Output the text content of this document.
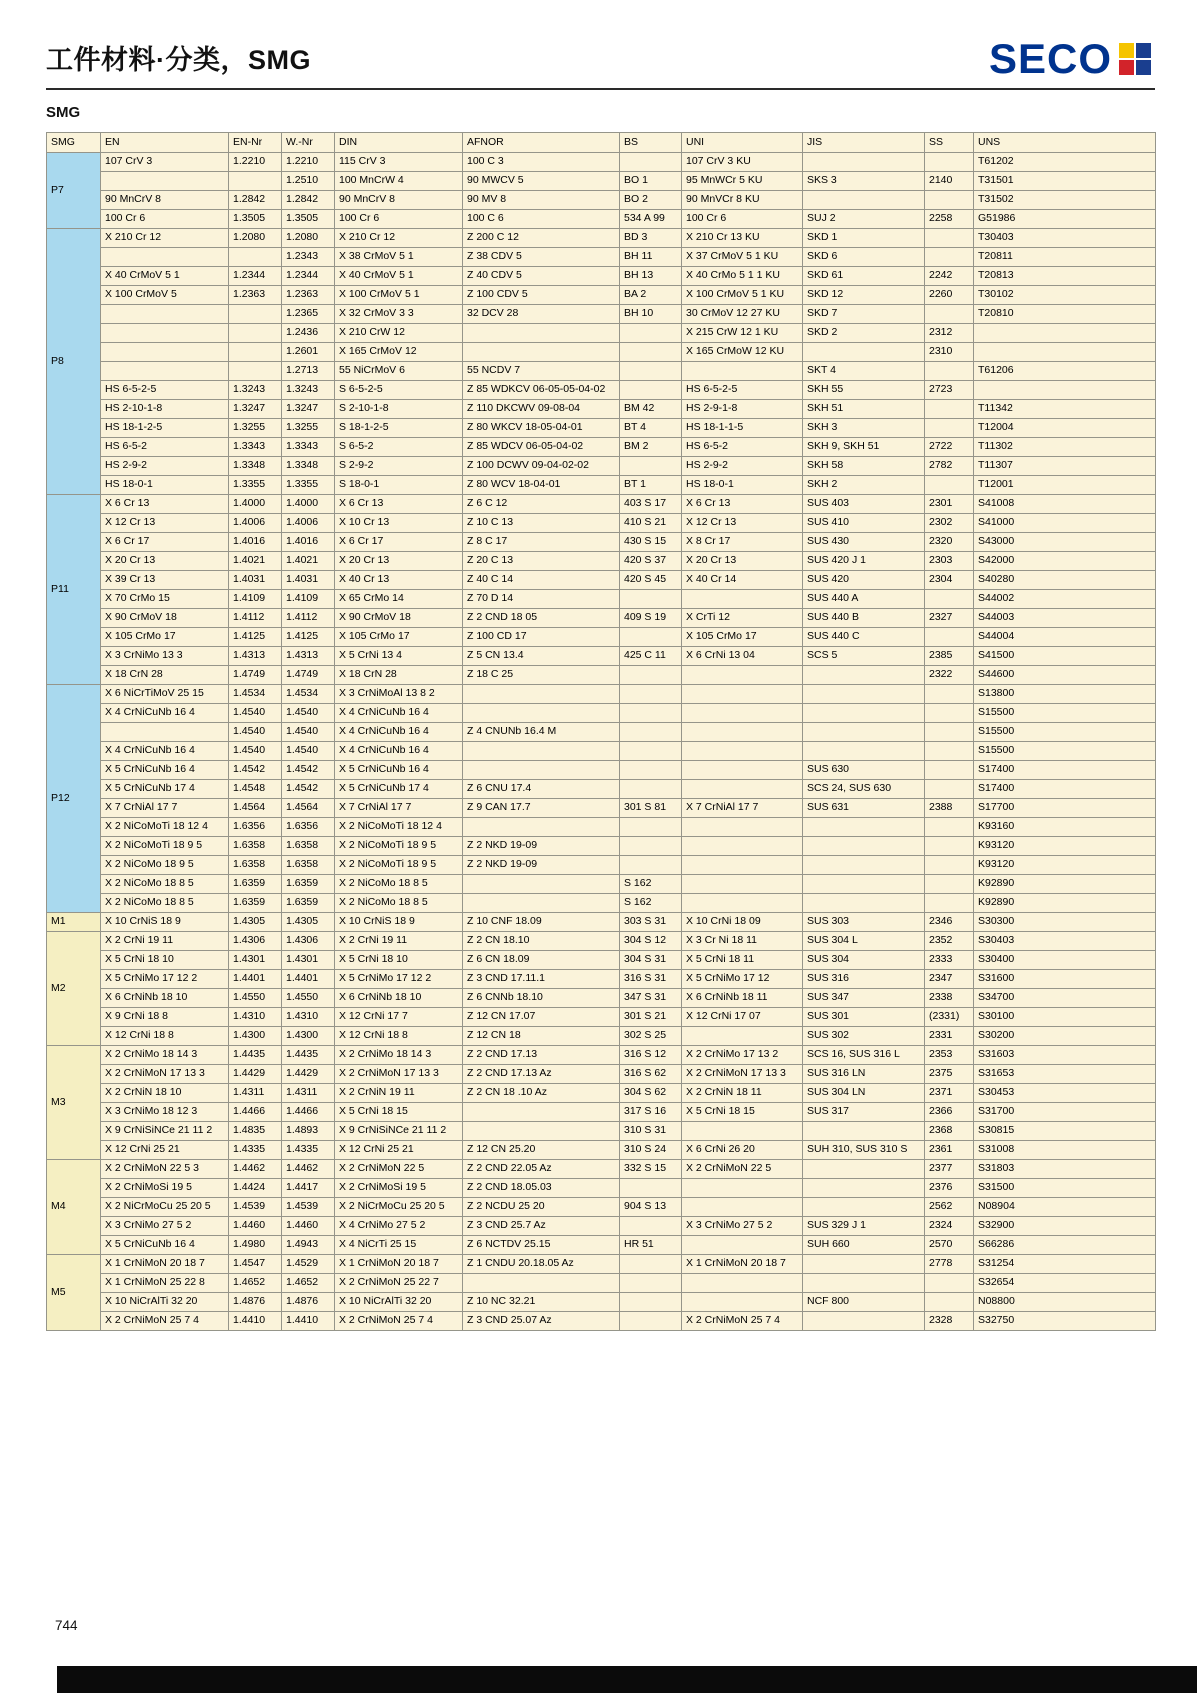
工件材料·分类，SMG	SECO
SMG
SMG	EN	EN-Nr	W.-Nr	DIN	AFNOR	BS	UNI	JIS	SS	UNS
P7	107 CrV 3	1.2210	1.2210	115 CrV 3	100 C 3		107 CrV 3 KU			T61202
			1.2510	100 MnCrW 4	90 MWCV 5	BO 1	95 MnWCr 5 KU	SKS 3	2140	T31501
	90 MnCrV 8	1.2842	1.2842	90 MnCrV 8	90 MV 8	BO 2	90 MnVCr 8 KU			T31502
	100 Cr 6	1.3505	1.3505	100 Cr 6	100 C 6	534 A 99	100 Cr 6	SUJ 2	2258	G51986
P8	X 210 Cr 12	1.2080	1.2080	X 210 Cr 12	Z 200 C 12	BD 3	X 210 Cr 13 KU	SKD 1		T30403
			1.2343	X 38 CrMoV 5 1	Z 38 CDV 5	BH 11	X 37 CrMoV 5 1 KU	SKD 6		T20811
	X 40 CrMoV 5 1	1.2344	1.2344	X 40 CrMoV 5 1	Z 40 CDV 5	BH 13	X 40 CrMo 5 1 1 KU	SKD 61	2242	T20813
	X 100 CrMoV 5	1.2363	1.2363	X 100 CrMoV 5 1	Z 100 CDV 5	BA 2	X 100 CrMoV 5 1 KU	SKD 12	2260	T30102
			1.2365	X 32 CrMoV 3 3	32 DCV 28	BH 10	30 CrMoV 12 27 KU	SKD 7		T20810
			1.2436	X 210 CrW 12			X 215 CrW 12 1 KU	SKD 2	2312	
			1.2601	X 165 CrMoV 12			X 165 CrMoW 12 KU		2310	
			1.2713	55 NiCrMoV 6	55 NCDV 7			SKT 4		T61206
	HS 6-5-2-5	1.3243	1.3243	S 6-5-2-5	Z 85 WDKCV 06-05-05-04-02		HS 6-5-2-5	SKH 55	2723	
	HS 2-10-1-8	1.3247	1.3247	S 2-10-1-8	Z 110 DKCWV 09-08-04	BM 42	HS 2-9-1-8	SKH 51		T11342
	HS 18-1-2-5	1.3255	1.3255	S 18-1-2-5	Z 80 WKCV 18-05-04-01	BT 4	HS 18-1-1-5	SKH 3		T12004
	HS 6-5-2	1.3343	1.3343	S 6-5-2	Z 85 WDCV 06-05-04-02	BM 2	HS 6-5-2	SKH 9, SKH 51	2722	T11302
	HS 2-9-2	1.3348	1.3348	S 2-9-2	Z 100 DCWV 09-04-02-02		HS 2-9-2	SKH 58	2782	T11307
	HS 18-0-1	1.3355	1.3355	S 18-0-1	Z 80 WCV 18-04-01	BT 1	HS 18-0-1	SKH 2		T12001
P11	X 6 Cr 13	1.4000	1.4000	X 6 Cr 13	Z 6 C 12	403 S 17	X 6 Cr 13	SUS 403	2301	S41008
	X 12 Cr 13	1.4006	1.4006	X 10 Cr 13	Z 10 C 13	410 S 21	X 12 Cr 13	SUS 410	2302	S41000
	X 6 Cr 17	1.4016	1.4016	X 6 Cr 17	Z 8 C 17	430 S 15	X 8 Cr 17	SUS 430	2320	S43000
	X 20 Cr 13	1.4021	1.4021	X 20 Cr 13	Z 20 C 13	420 S 37	X 20 Cr 13	SUS 420 J 1	2303	S42000
	X 39 Cr 13	1.4031	1.4031	X 40 Cr 13	Z 40 C 14	420 S 45	X 40 Cr 14	SUS 420	2304	S40280
	X 70 CrMo 15	1.4109	1.4109	X 65 CrMo 14	Z 70 D 14			SUS 440 A		S44002
	X 90 CrMoV 18	1.4112	1.4112	X 90 CrMoV 18	Z 2 CND 18 05	409 S 19	X CrTi 12	SUS 440 B	2327	S44003
	X 105 CrMo 17	1.4125	1.4125	X 105 CrMo 17	Z 100 CD 17		X 105 CrMo 17	SUS 440 C		S44004
	X 3 CrNiMo 13 3	1.4313	1.4313	X 5 CrNi 13 4	Z 5 CN 13.4	425 C 11	X 6 CrNi 13 04	SCS 5	2385	S41500
	X 18 CrN 28	1.4749	1.4749	X 18 CrN 28	Z 18 C 25				2322	S44600
P12	X 6 NiCrTiMoV 25 15	1.4534	1.4534	X 3 CrNiMoAl 13 8 2						S13800
	X 4 CrNiCuNb 16 4	1.4540	1.4540	X 4 CrNiCuNb 16 4						S15500
		1.4540	1.4540	X 4 CrNiCuNb 16 4	Z 4 CNUNb 16.4 M					S15500
	X 4 CrNiCuNb 16 4	1.4540	1.4540	X 4 CrNiCuNb 16 4						S15500
	X 5 CrNiCuNb 16 4	1.4542	1.4542	X 5 CrNiCuNb 16 4				SUS 630		S17400
	X 5 CrNiCuNb 17 4	1.4548	1.4542	X 5 CrNiCuNb 17 4	Z 6 CNU 17.4			SCS 24, SUS 630		S17400
	X 7 CrNiAl 17 7	1.4564	1.4564	X 7 CrNiAl 17 7	Z 9 CAN 17.7	301 S 81	X 7 CrNiAl 17 7	SUS 631	2388	S17700
	X 2 NiCoMoTi 18 12 4	1.6356	1.6356	X 2 NiCoMoTi 18 12 4						K93160
	X 2 NiCoMoTi 18 9 5	1.6358	1.6358	X 2 NiCoMoTi 18 9 5	Z 2 NKD 19-09					K93120
	X 2 NiCoMo 18 9 5	1.6358	1.6358	X 2 NiCoMoTi 18 9 5	Z 2 NKD 19-09					K93120
	X 2 NiCoMo 18 8 5	1.6359	1.6359	X 2 NiCoMo 18 8 5		S 162				K92890
	X 2 NiCoMo 18 8 5	1.6359	1.6359	X 2 NiCoMo 18 8 5		S 162				K92890
M1	X 10 CrNiS 18 9	1.4305	1.4305	X 10 CrNiS 18 9	Z 10 CNF 18.09	303 S 31	X 10 CrNi 18 09	SUS 303	2346	S30300
M2	X 2 CrNi 19 11	1.4306	1.4306	X 2 CrNi 19 11	Z 2 CN 18.10	304 S 12	X 3 Cr Ni 18 11	SUS 304 L	2352	S30403
	X 5 CrNi 18 10	1.4301	1.4301	X 5 CrNi 18 10	Z 6 CN 18.09	304 S 31	X 5 CrNi 18 11	SUS 304	2333	S30400
	X 5 CrNiMo 17 12 2	1.4401	1.4401	X 5 CrNiMo 17 12 2	Z 3 CND 17.11.1	316 S 31	X 5 CrNiMo 17 12	SUS 316	2347	S31600
	X 6 CrNiNb 18 10	1.4550	1.4550	X 6 CrNiNb 18 10	Z 6 CNNb 18.10	347 S 31	X 6 CrNiNb 18 11	SUS 347	2338	S34700
	X 9 CrNi 18 8	1.4310	1.4310	X 12 CrNi 17 7	Z 12 CN 17.07	301 S 21	X 12 CrNi 17 07	SUS 301	(2331)	S30100
	X 12 CrNi 18 8	1.4300	1.4300	X 12 CrNi 18 8	Z 12 CN 18	302 S 25		SUS 302	2331	S30200
M3	X 2 CrNiMo 18 14 3	1.4435	1.4435	X 2 CrNiMo 18 14 3	Z 2 CND 17.13	316 S 12	X 2 CrNiMo 17 13 2	SCS 16, SUS 316 L	2353	S31603
	X 2 CrNiMoN 17 13 3	1.4429	1.4429	X 2 CrNiMoN 17 13 3	Z 2 CND 17.13 Az	316 S 62	X 2 CrNiMoN 17 13 3	SUS 316 LN	2375	S31653
	X 2 CrNiN 18 10	1.4311	1.4311	X 2 CrNiN 19 11	Z 2 CN 18 .10 Az	304 S 62	X 2 CrNiN 18 11	SUS 304 LN	2371	S30453
	X 3 CrNiMo 18 12 3	1.4466	1.4466	X 5 CrNi 18 15		317 S 16	X 5 CrNi 18 15	SUS 317	2366	S31700
	X 9 CrNiSiNCe 21 11 2	1.4835	1.4893	X 9 CrNiSiNCe 21 11 2		310 S 31			2368	S30815
	X 12 CrNi 25 21	1.4335	1.4335	X 12 CrNi 25 21	Z 12 CN 25.20	310 S 24	X 6 CrNi 26 20	SUH 310, SUS 310 S	2361	S31008
M4	X 2 CrNiMoN 22 5 3	1.4462	1.4462	X 2 CrNiMoN 22 5	Z 2 CND 22.05 Az	332 S 15	X 2 CrNiMoN 22 5		2377	S31803
	X 2 CrNiMoSi 19 5	1.4424	1.4417	X 2 CrNiMoSi 19 5	Z 2 CND 18.05.03				2376	S31500
	X 2 NiCrMoCu 25 20 5	1.4539	1.4539	X 2 NiCrMoCu 25 20 5	Z 2 NCDU 25 20	904 S 13			2562	N08904
	X 3 CrNiMo 27 5 2	1.4460	1.4460	X 4 CrNiMo 27 5 2	Z 3 CND 25.7 Az		X 3 CrNiMo 27 5 2	SUS 329 J 1	2324	S32900
	X 5 CrNiCuNb 16 4	1.4980	1.4943	X 4 NiCrTi 25 15	Z 6 NCTDV 25.15	HR 51		SUH 660	2570	S66286
M5	X 1 CrNiMoN 20 18 7	1.4547	1.4529	X 1 CrNiMoN 20 18 7	Z 1 CNDU 20.18.05 Az		X 1 CrNiMoN 20 18 7		2778	S31254
	X 1 CrNiMoN 25 22 8	1.4652	1.4652	X 2 CrNiMoN 25 22 7						S32654
	X 10 NiCrAlTi 32 20	1.4876	1.4876	X 10 NiCrAlTi 32 20	Z 10 NC 32.21			NCF 800		N08800
	X 2 CrNiMoN 25 7 4	1.4410	1.4410	X 2 CrNiMoN 25 7 4	Z 3 CND 25.07 Az		X 2 CrNiMoN 25 7 4		2328	S32750
744
